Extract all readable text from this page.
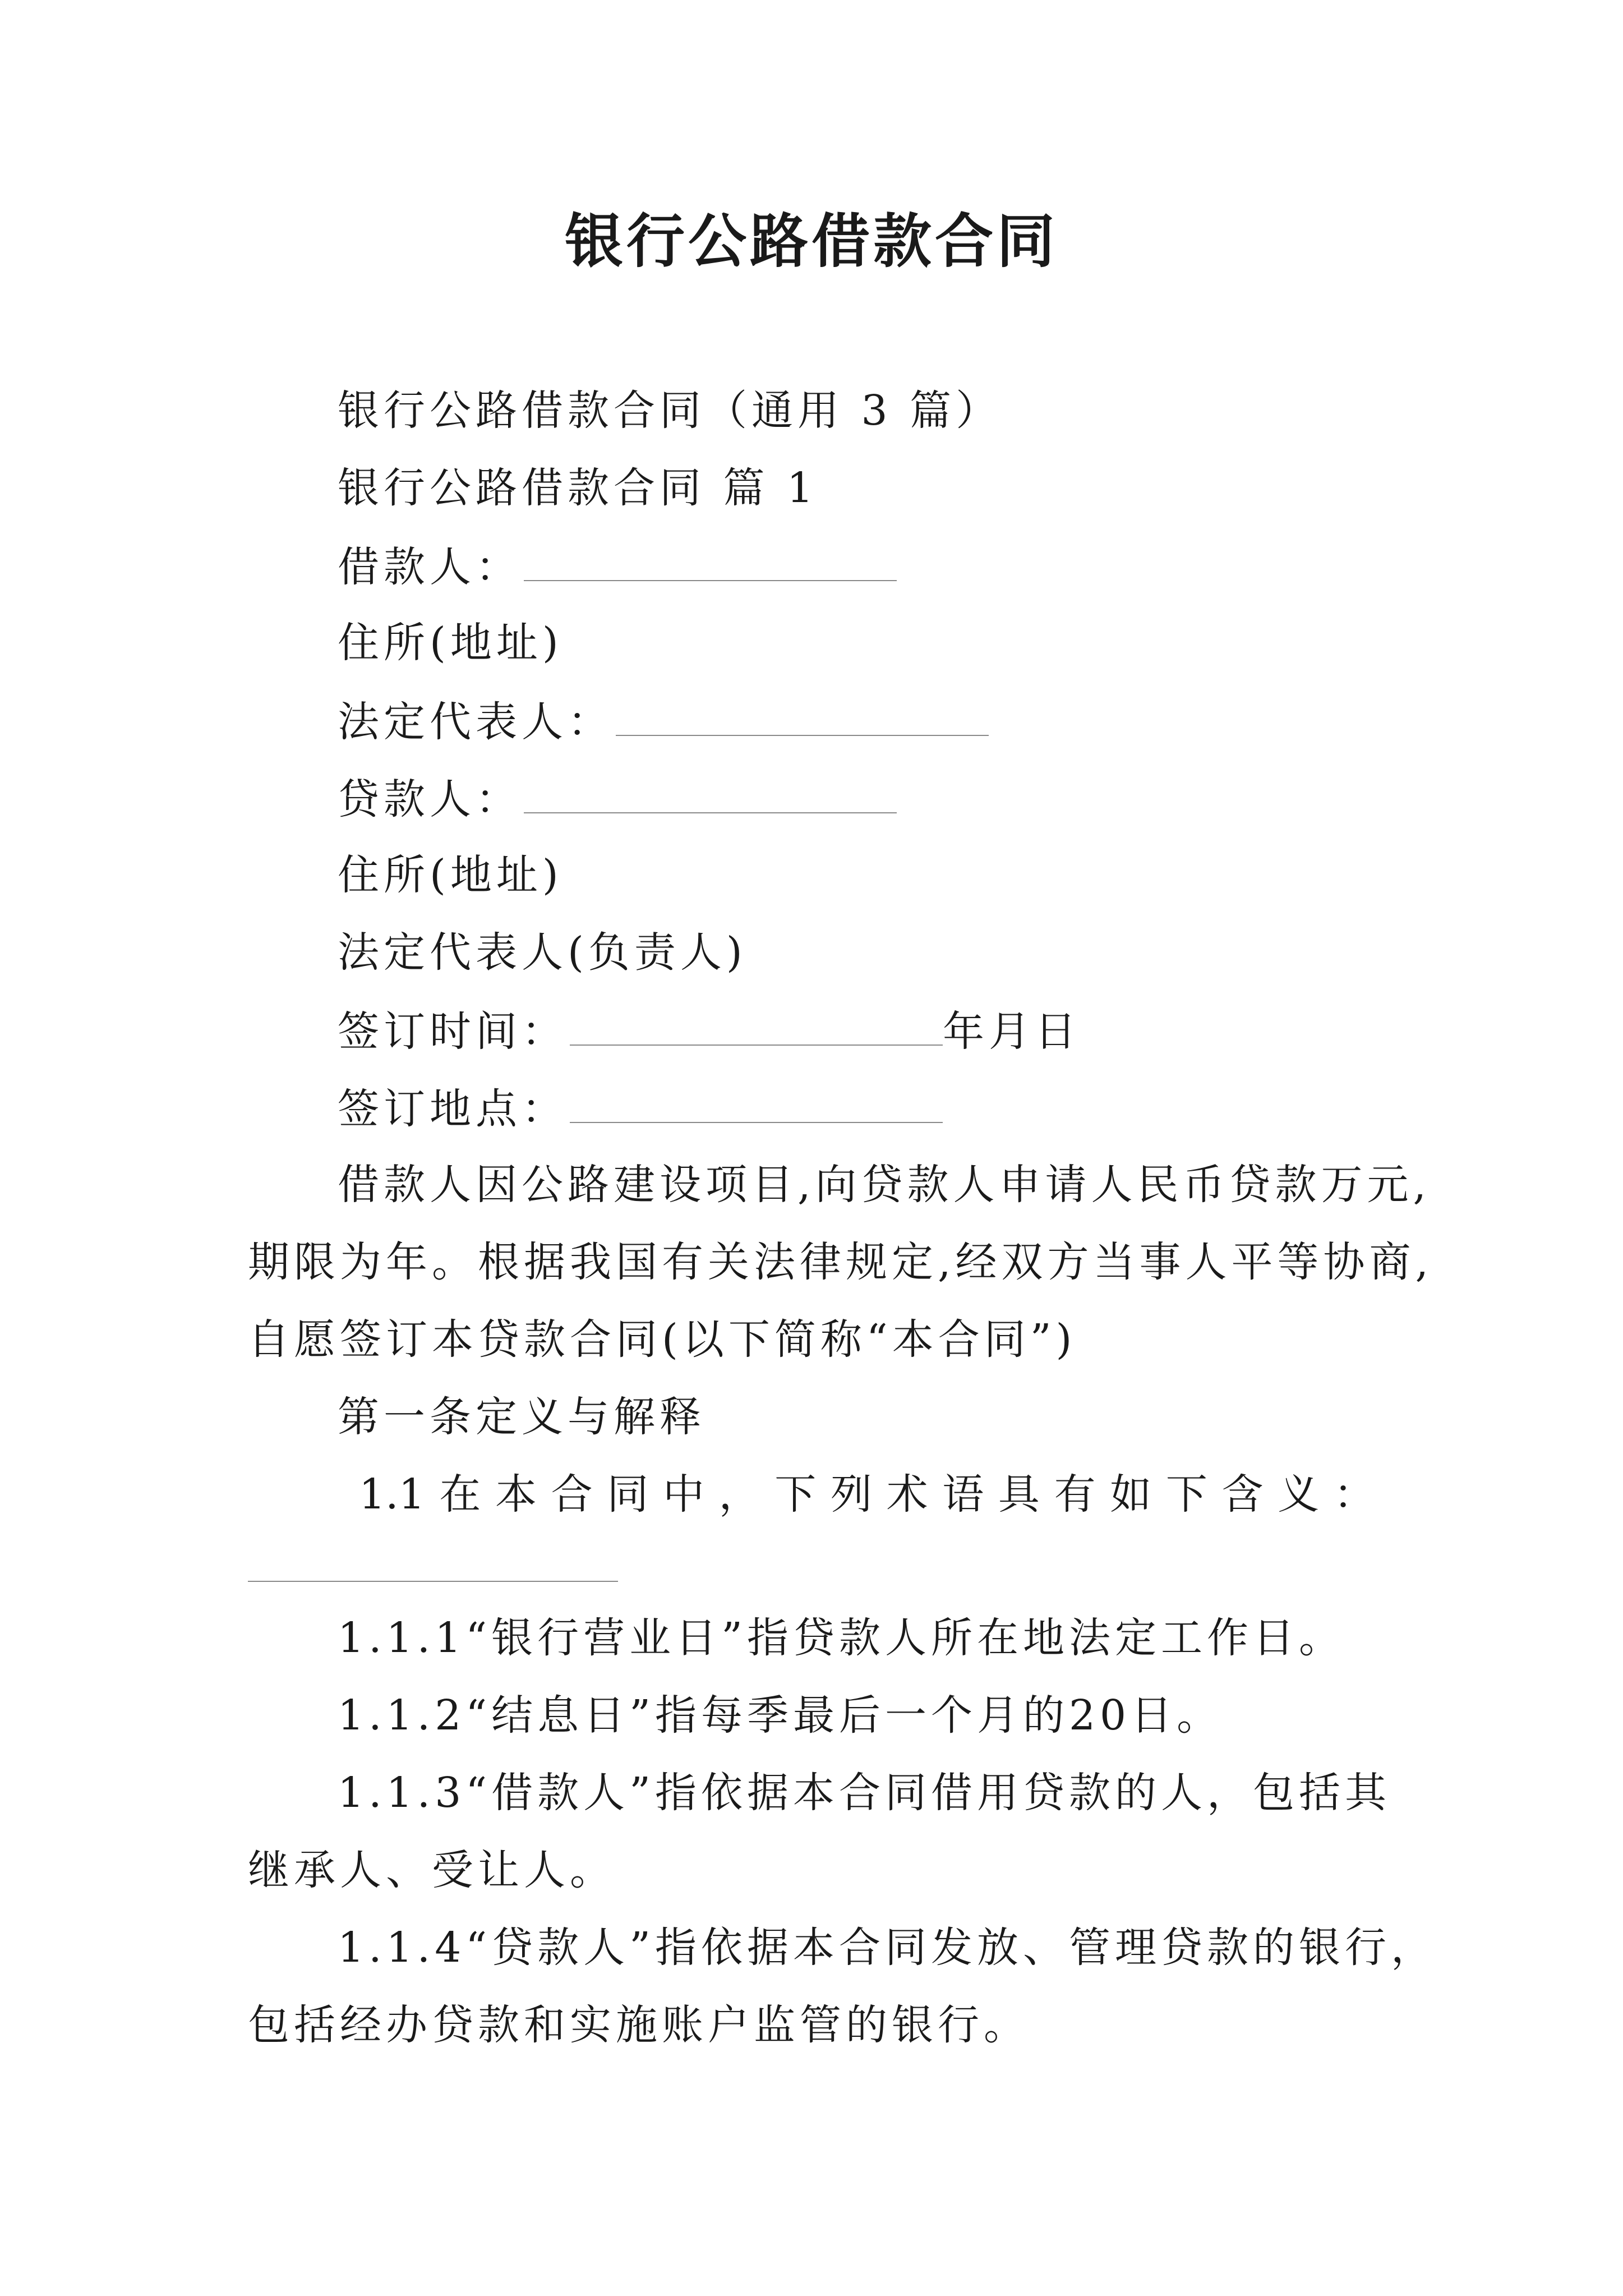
银行公路借款合同
银行公路借款合同（通用 3 篇）
银行公路借款合同 篇 1
借款人：
住所(地址)
法定代表人：
贷款人：
住所(地址)
法定代表人(负责人)
签订时间：	年月日
签订地点：
借款人因公路建设项目,向贷款人申请人民币贷款万元,
期限为年。根据我国有关法律规定,经双方当事人平等协商,
自愿签订本贷款合同(以下简称“本合同”)
第一条定义与解释
1.1 在 本 合 同 中 ， 下 列 术 语 具 有 如 下 含 义 ：
1.1.1“银行营业日”指贷款人所在地法定工作日。
1.1.2“结息日”指每季最后一个月的20日。
1.1.3“借款人”指依据本合同借用贷款的人，包括其
继承人、受让人。
1.1.4“贷款人”指依据本合同发放、管理贷款的银行，
包括经办贷款和实施账户监管的银行。
